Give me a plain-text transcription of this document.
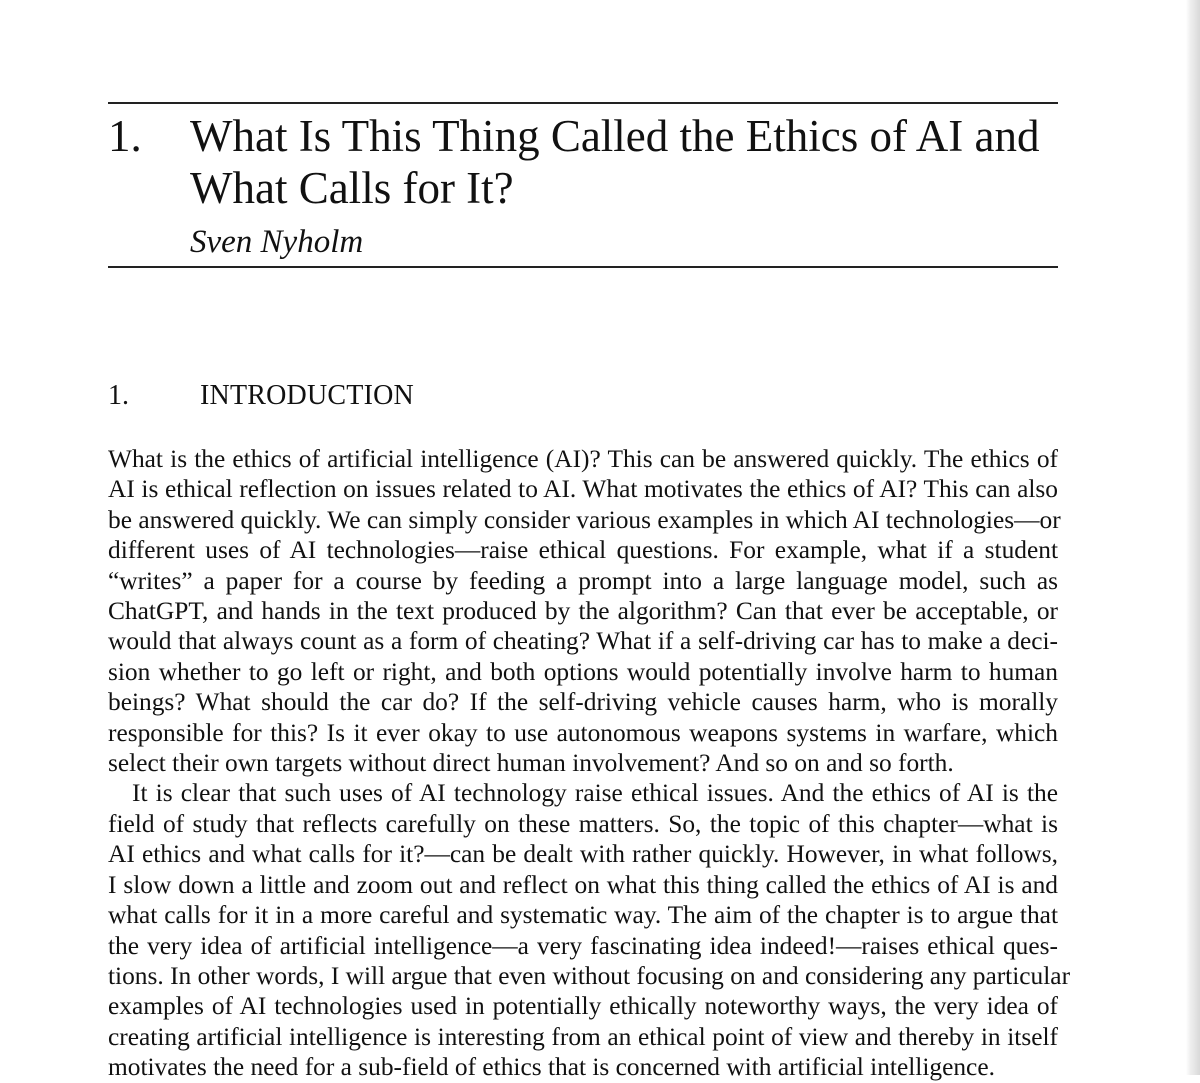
1. What Is This Thing Called the Ethics of AI and What Calls for It?
Sven Nyholm
1.	INTRODUCTION

What is the ethics of artificial intelligence (AI)? This can be answered quickly. The ethics of
AI is ethical reflection on issues related to AI. What motivates the ethics of AI? This can also
be answered quickly. We can simply consider various examples in which AI technologies—or
different uses of AI technologies—raise ethical questions. For example, what if a student
“writes” a paper for a course by feeding a prompt into a large language model, such as
ChatGPT, and hands in the text produced by the algorithm? Can that ever be acceptable, or
would that always count as a form of cheating? What if a self-driving car has to make a deci-
sion whether to go left or right, and both options would potentially involve harm to human
beings? What should the car do? If the self-driving vehicle causes harm, who is morally
responsible for this? Is it ever okay to use autonomous weapons systems in warfare, which
select their own targets without direct human involvement? And so on and so forth.

It is clear that such uses of AI technology raise ethical issues. And the ethics of AI is the
field of study that reflects carefully on these matters. So, the topic of this chapter—what is
AI ethics and what calls for it?—can be dealt with rather quickly. However, in what follows,
I slow down a little and zoom out and reflect on what this thing called the ethics of AI is and
what calls for it in a more careful and systematic way. The aim of the chapter is to argue that
the very idea of artificial intelligence—a very fascinating idea indeed!—raises ethical ques-
tions. In other words, I will argue that even without focusing on and considering any particular
examples of AI technologies used in potentially ethically noteworthy ways, the very idea of
creating artificial intelligence is interesting from an ethical point of view and thereby in itself
motivates the need for a sub-field of ethics that is concerned with artificial intelligence.
